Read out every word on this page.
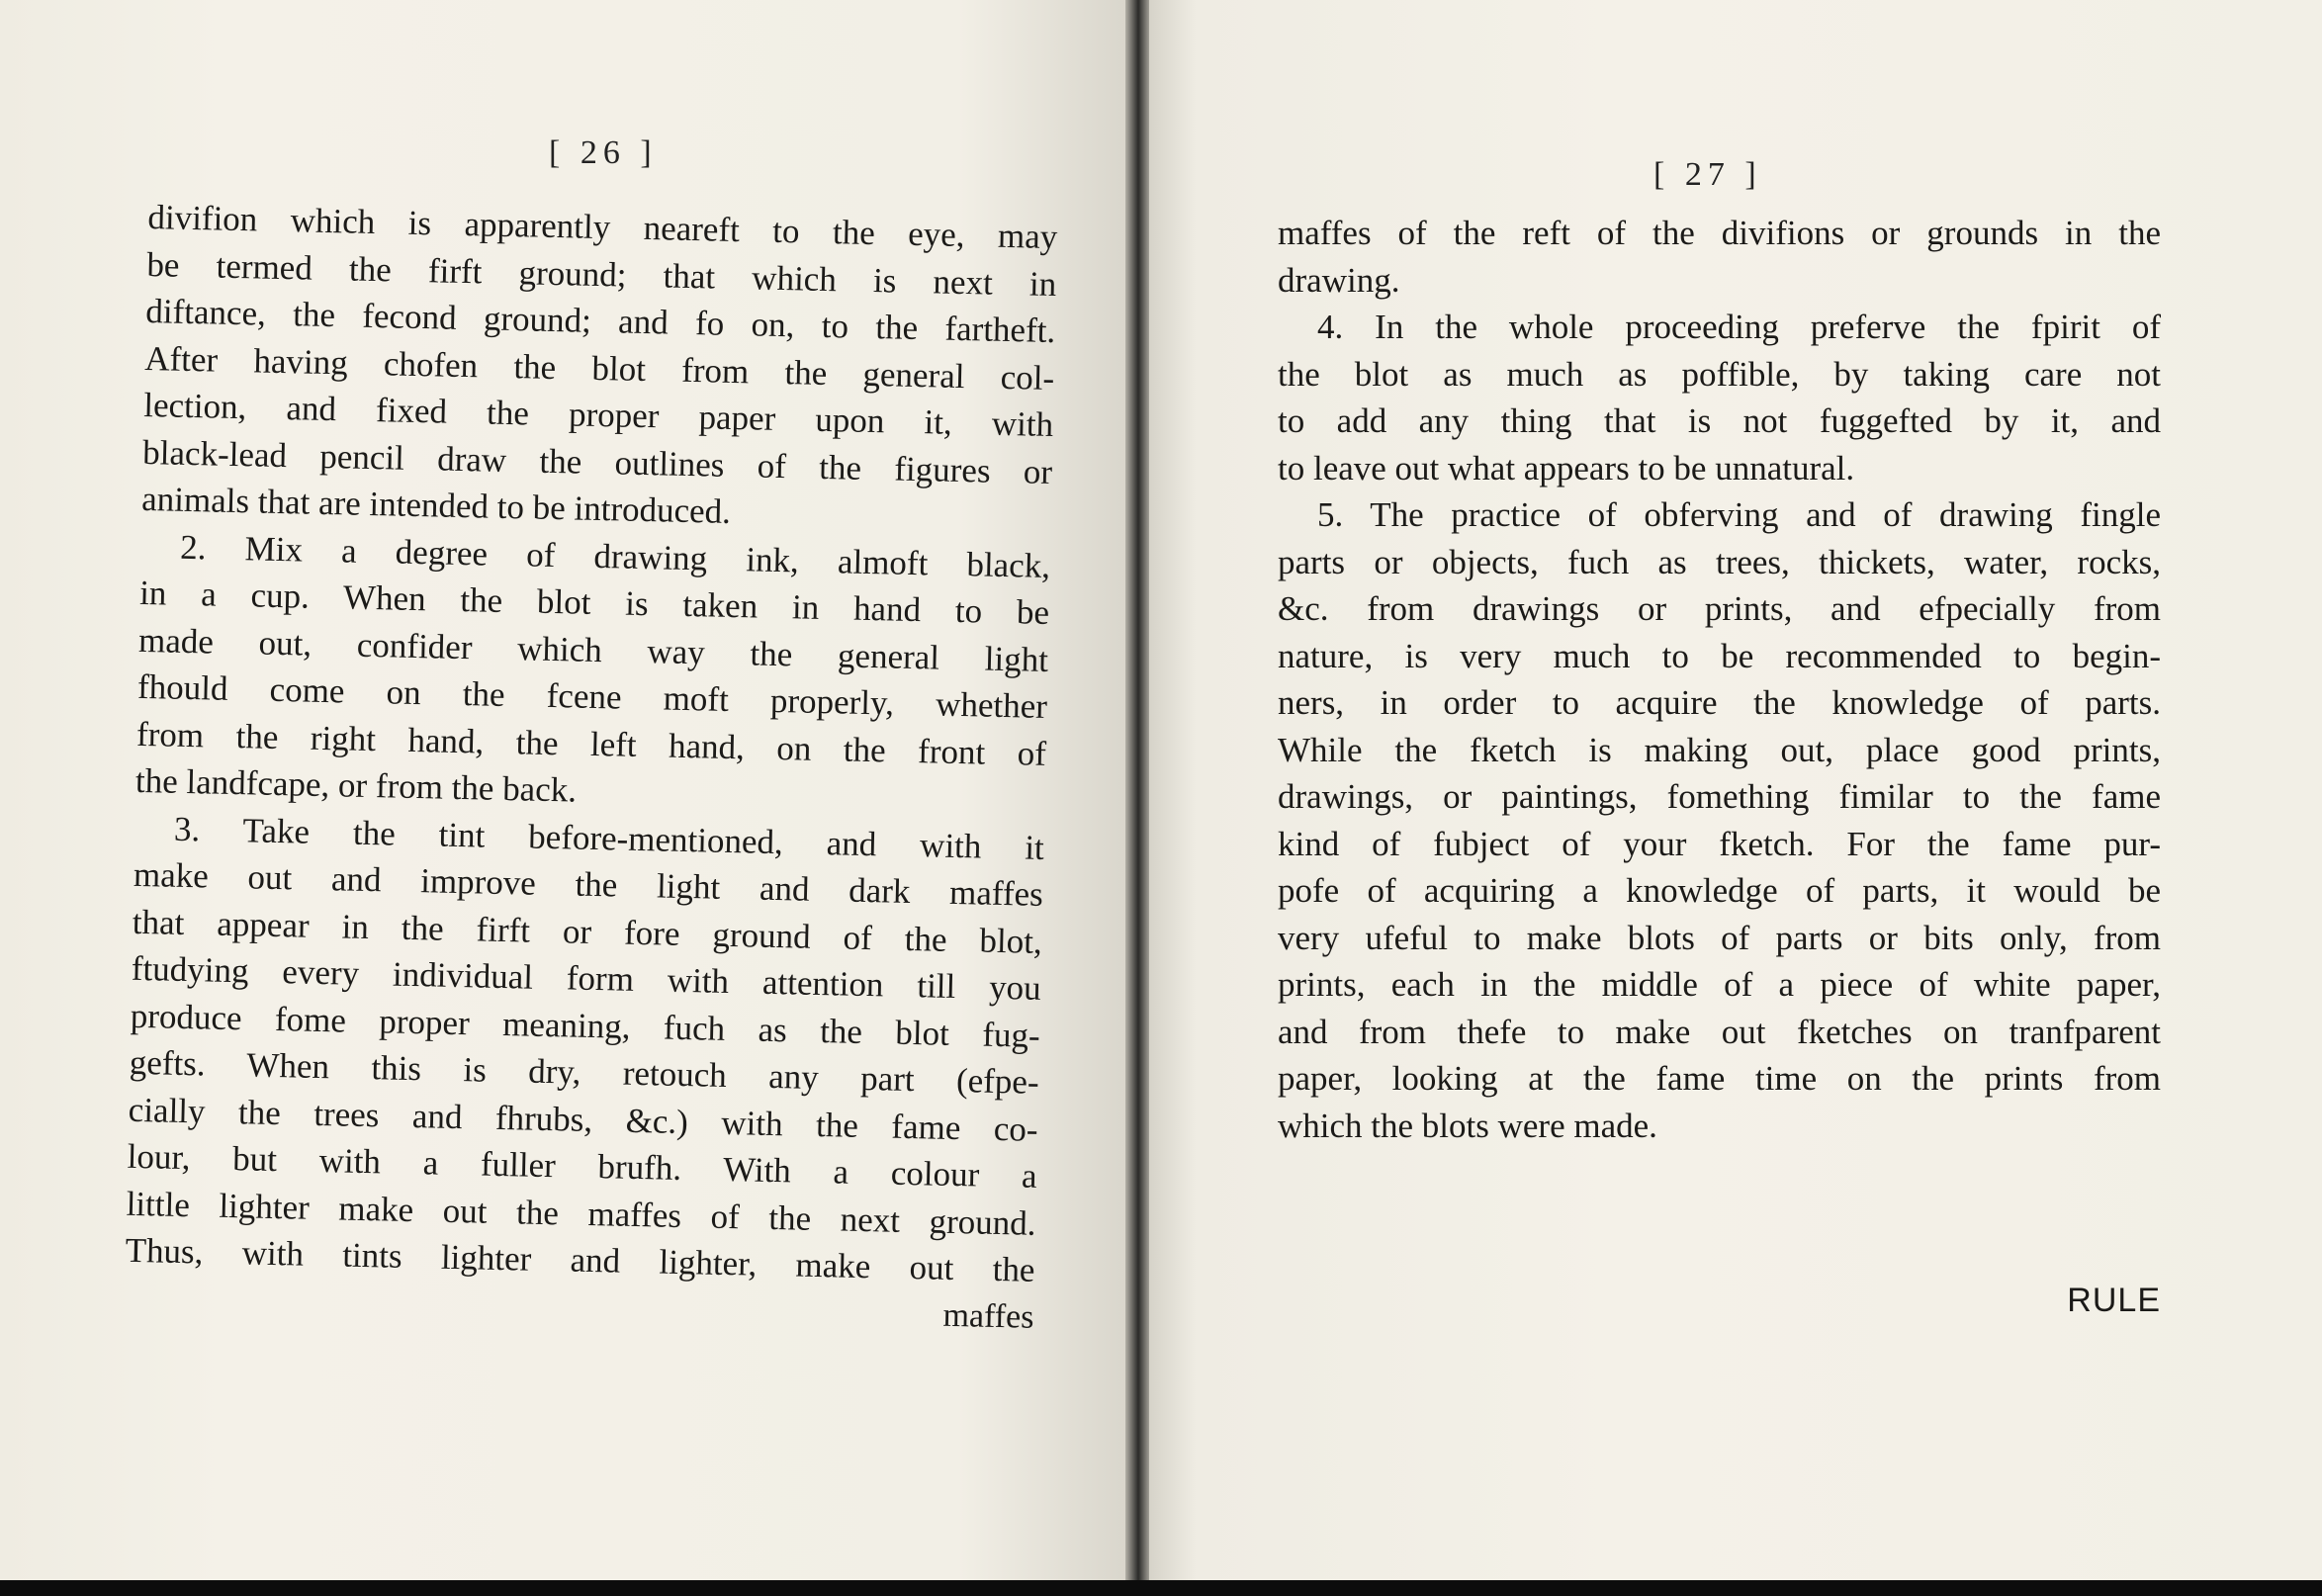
[ 26 ]
divifion which is apparently neareft to the eye, may
be termed the firft ground; that which is next in
diftance, the fecond ground; and fo on, to the fartheft.
After having chofen the blot from the general col-
lection, and fixed the proper paper upon it, with
black-lead pencil draw the outlines of the figures or
animals that are intended to be introduced.
2. Mix a degree of drawing ink, almoft black,
in a cup. When the blot is taken in hand to be
made out, confider which way the general light
fhould come on the fcene moft properly, whether
from the right hand, the left hand, on the front of
the landfcape, or from the back.
3. Take the tint before-mentioned, and with it
make out and improve the light and dark maffes
that appear in the firft or fore ground of the blot,
ftudying every individual form with attention till you
produce fome proper meaning, fuch as the blot fug-
gefts. When this is dry, retouch any part (efpe-
cially the trees and fhrubs, &c.) with the fame co-
lour, but with a fuller brufh. With a colour a
little lighter make out the maffes of the next ground.
Thus, with tints lighter and lighter, make out the
maffes
[ 27 ]
maffes of the reft of the divifions or grounds in the
drawing.
4. In the whole proceeding preferve the fpirit of
the blot as much as poffible, by taking care not
to add any thing that is not fuggefted by it, and
to leave out what appears to be unnatural.
5. The practice of obferving and of drawing fingle
parts or objects, fuch as trees, thickets, water, rocks,
&c. from drawings or prints, and efpecially from
nature, is very much to be recommended to begin-
ners, in order to acquire the knowledge of parts.
While the fketch is making out, place good prints,
drawings, or paintings, fomething fimilar to the fame
kind of fubject of your fketch. For the fame pur-
pofe of acquiring a knowledge of parts, it would be
very ufeful to make blots of parts or bits only, from
prints, each in the middle of a piece of white paper,
and from thefe to make out fketches on tranfparent
paper, looking at the fame time on the prints from
which the blots were made.
RULE
